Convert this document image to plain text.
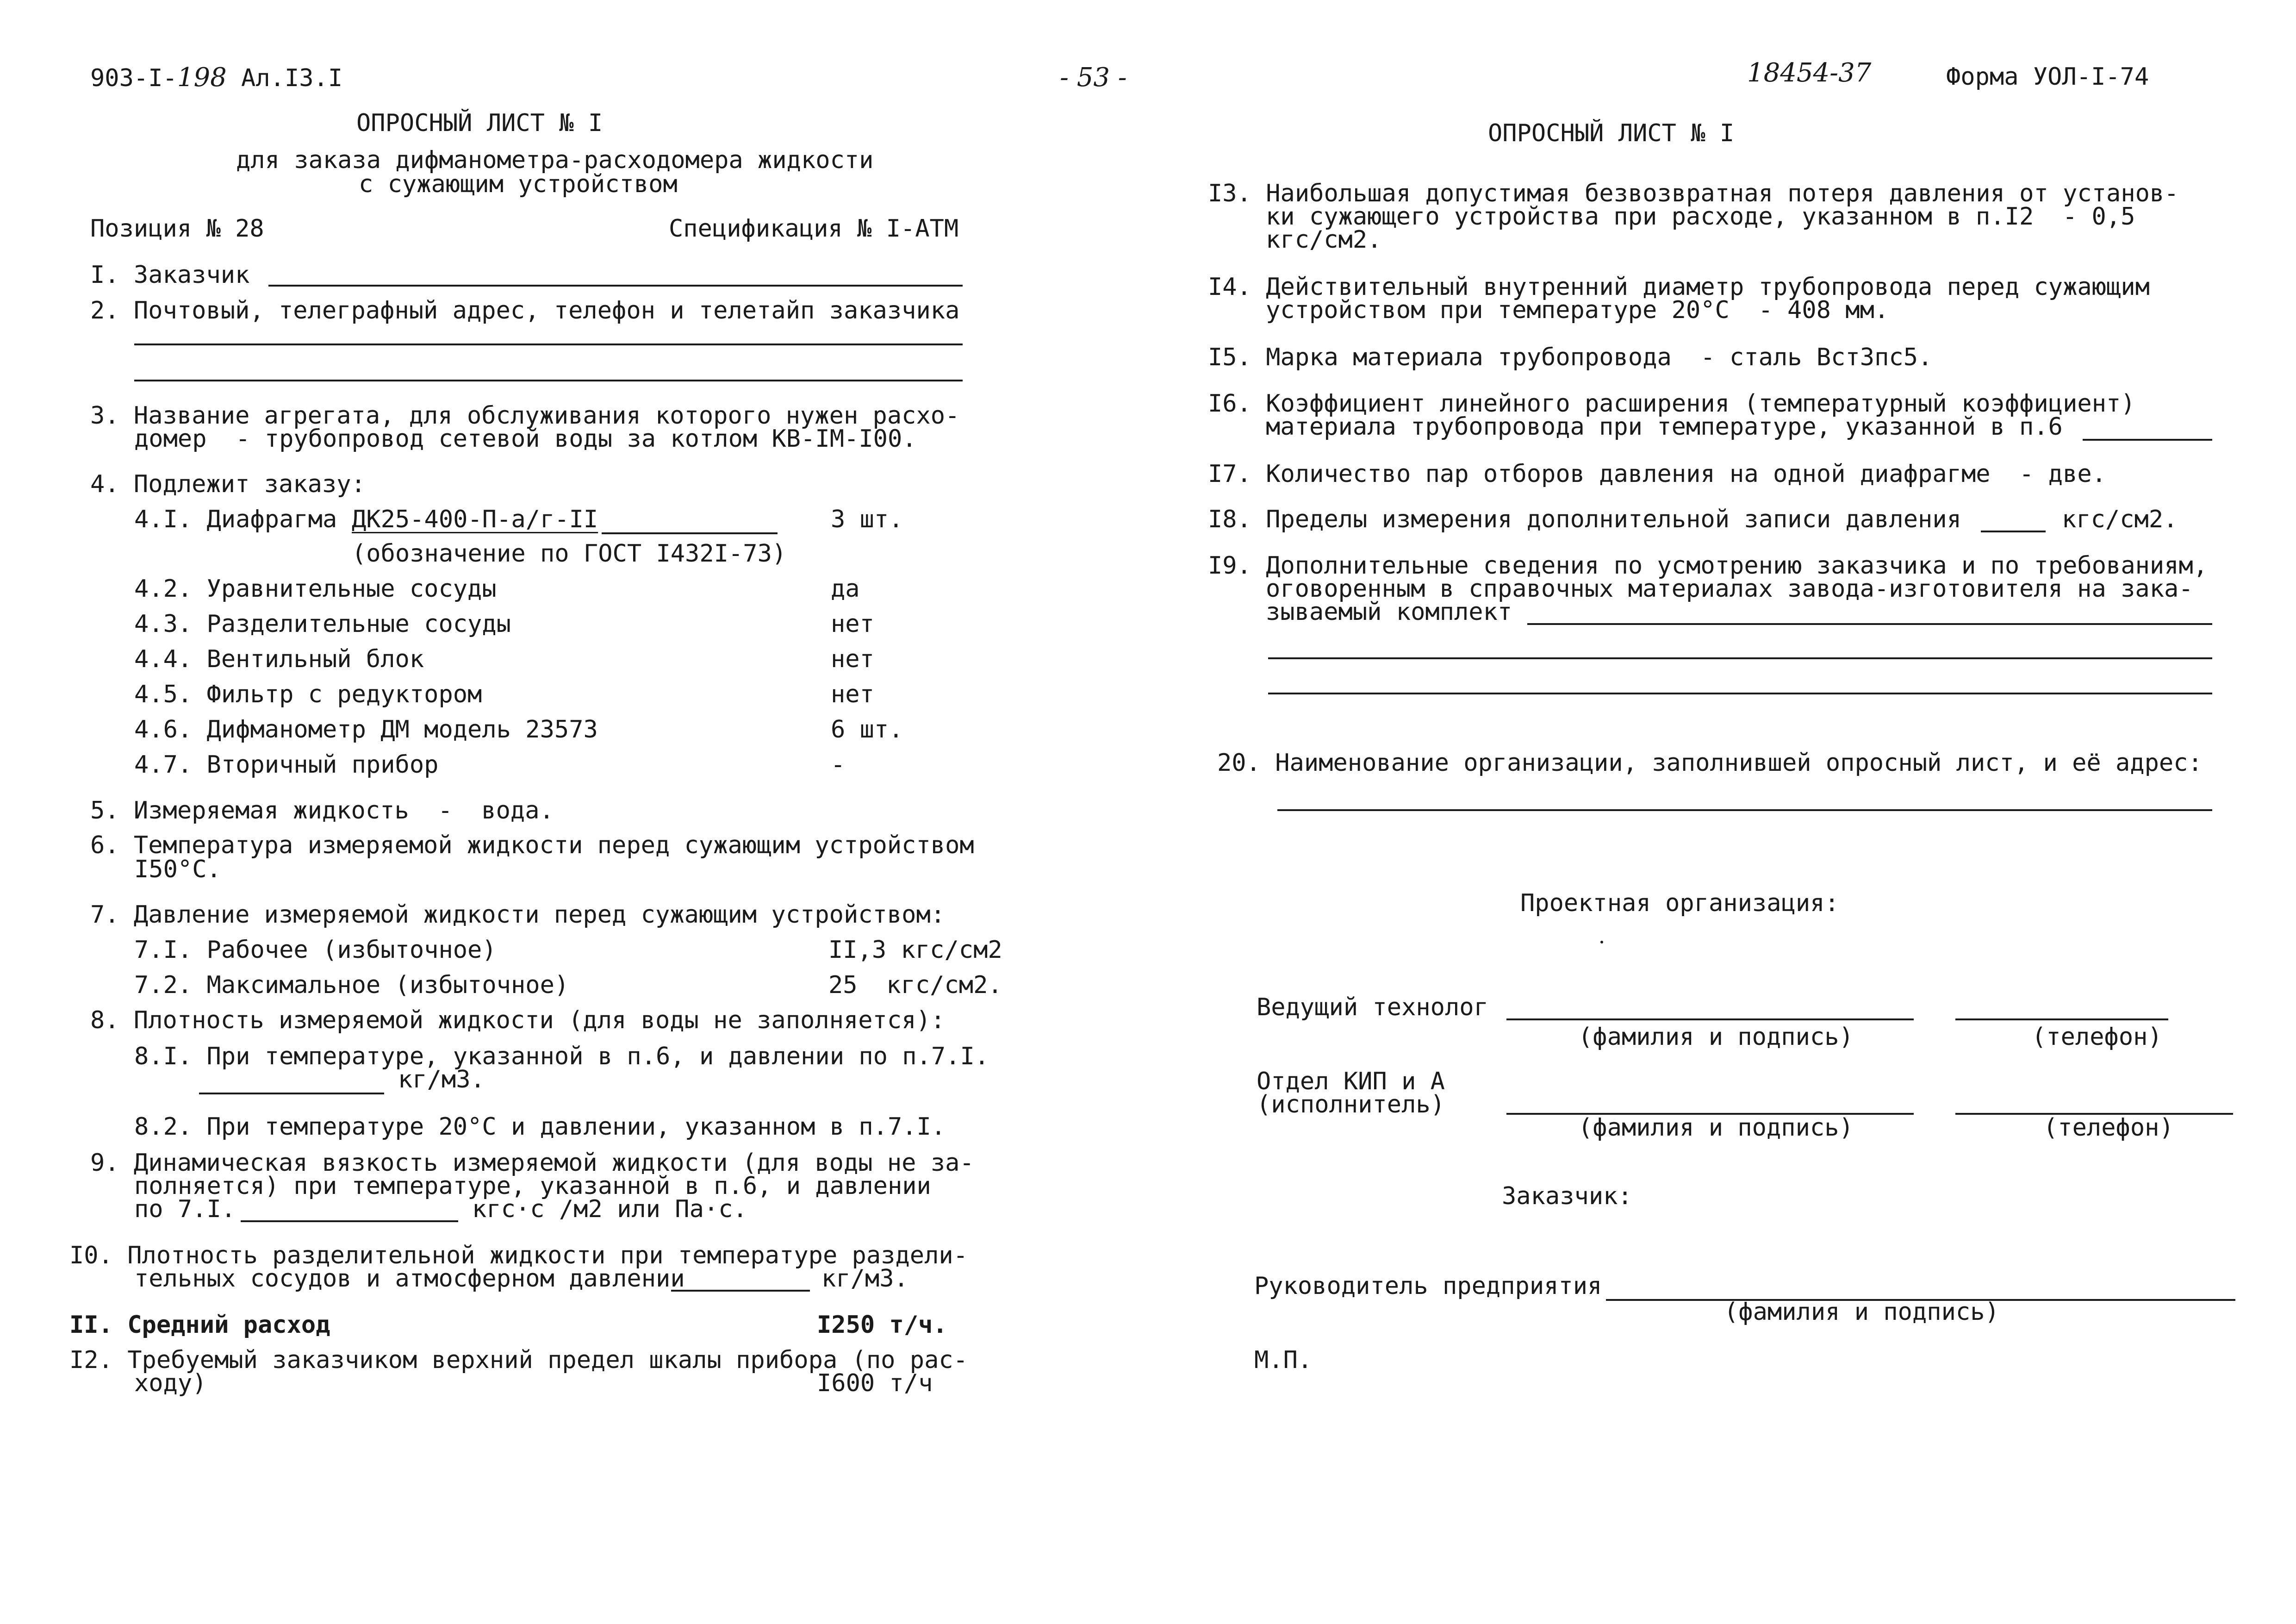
903-I-198 Ал.I3.I
ОПРОСНЫЙ ЛИСТ № I
для заказа дифманометра-расходомера жидкости
с сужающим устройством
Позиция № 28	Спецификация № I-АТМ
I. Заказчик
2. Почтовый, телеграфный адрес, телефон и телетайп заказчика
3. Название агрегата, для обслуживания которого нужен расхо-
домер  - трубопровод сетевой воды за котлом КВ-IМ-I00.
4. Подлежит заказу:
4.I. Диафрагма ДК25-400-П-а/г-II	3 шт.
(обозначение по ГОСТ I432I-73)
4.2. Уравнительные сосуды	да
4.3. Разделительные сосуды	нет
4.4. Вентильный блок	нет
4.5. Фильтр с редуктором	нет
4.6. Дифманометр ДМ модель 23573	6 шт.
4.7. Вторичный прибор	-
5. Измеряемая жидкость  -  вода.
6. Температура измеряемой жидкости перед сужающим устройством
I50°C.
7. Давление измеряемой жидкости перед сужающим устройством:
7.I. Рабочее (избыточное)	II,3 кгс/см2
7.2. Максимальное (избыточное)	25  кгс/см2.
8. Плотность измеряемой жидкости (для воды не заполняется):
8.I. При температуре, указанной в п.6, и давлении по п.7.I.
кг/м3.
8.2. При температуре 20°С и давлении, указанном в п.7.I.
9. Динамическая вязкость измеряемой жидкости (для воды не за-
полняется) при температуре, указанной в п.6, и давлении
по 7.I.	кгс·с /м2 или Па·с.
I0. Плотность разделительной жидкости при температуре раздели-
тельных сосудов и атмосферном давлении	кг/м3.
II. Средний расход	I250 т/ч.
I2. Требуемый заказчиком верхний предел шкалы прибора (по рас-
ходу)	I600 т/ч
- 53 -	18454-37	Форма УОЛ-I-74
ОПРОСНЫЙ ЛИСТ № I
I3. Наибольшая допустимая безвозвратная потеря давления от установ-
ки сужающего устройства при расходе, указанном в п.I2  - 0,5
кгс/см2.
I4. Действительный внутренний диаметр трубопровода перед сужающим
устройством при температуре 20°С  - 408 мм.
I5. Марка материала трубопровода  - сталь ВстЗпс5.
I6. Коэффициент линейного расширения (температурный коэффициент)
материала трубопровода при температуре, указанной в п.6
I7. Количество пар отборов давления на одной диафрагме  - две.
I8. Пределы измерения дополнительной записи давления	кгс/см2.
I9. Дополнительные сведения по усмотрению заказчика и по требованиям,
оговоренным в справочных материалах завода-изготовителя на зака-
зываемый комплект
20. Наименование организации, заполнившей опросный лист, и её адрес:
Проектная организация:
Ведущий технолог
(фамилия и подпись)	(телефон)
Отдел КИП и А
(исполнитель)
(фамилия и подпись)	(телефон)
Заказчик:
Руководитель предприятия
(фамилия и подпись)
М.П.
